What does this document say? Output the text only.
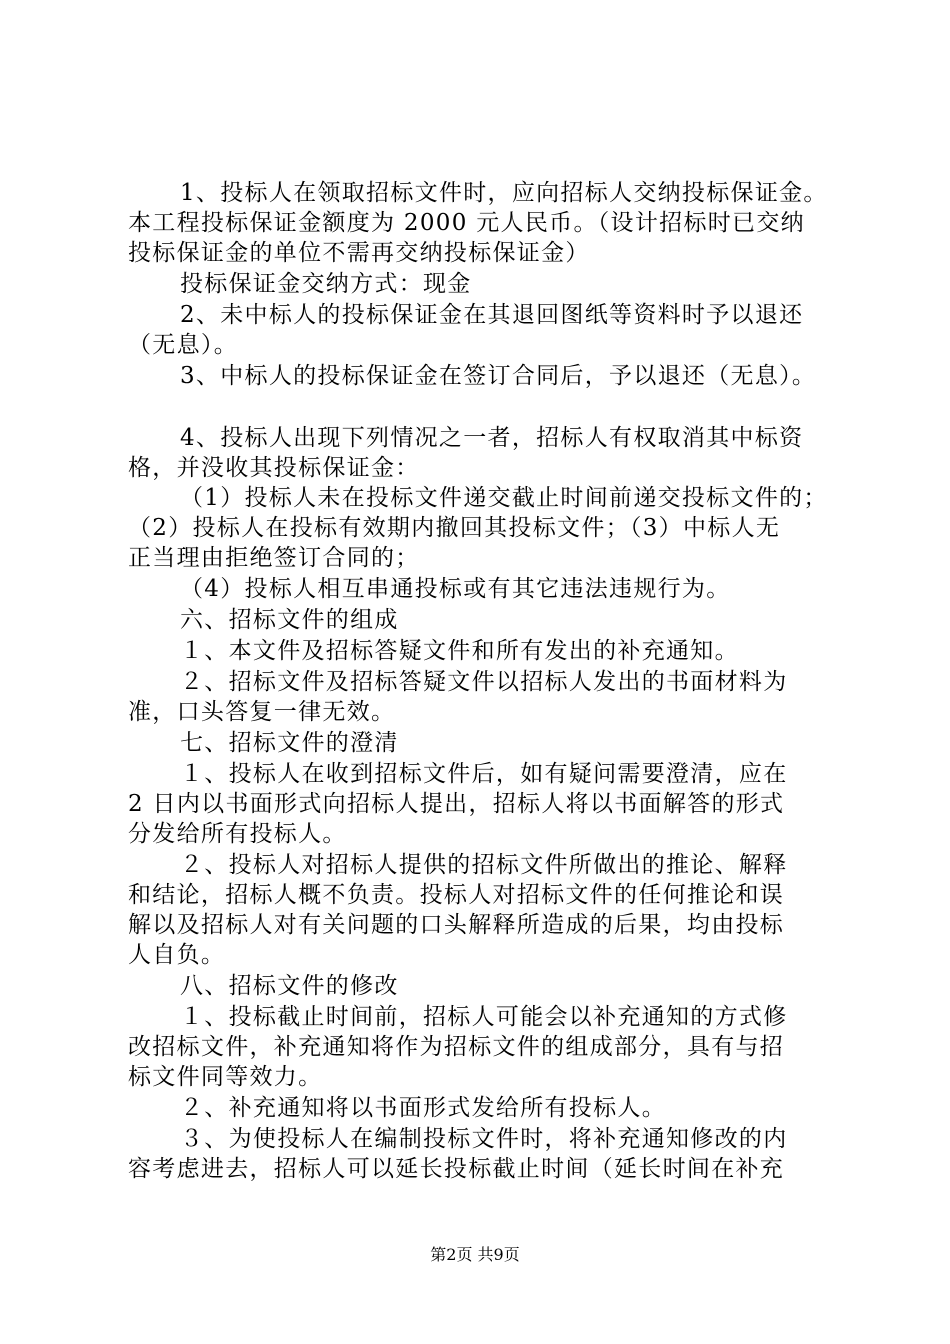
1、投标人在领取招标文件时，应向招标人交纳投标保证金。
本工程投标保证金额度为 2000 元人民币。（设计招标时已交纳
投标保证金的单位不需再交纳投标保证金）
投标保证金交纳方式：现金
2、未中标人的投标保证金在其退回图纸等资料时予以退还
（无息）。
3、中标人的投标保证金在签订合同后，予以退还（无息）。
4、投标人出现下列情况之一者，招标人有权取消其中标资
格，并没收其投标保证金：
（1）投标人未在投标文件递交截止时间前递交投标文件的；
（2）投标人在投标有效期内撤回其投标文件；（3）中标人无
正当理由拒绝签订合同的；
（4）投标人相互串通投标或有其它违法违规行为。
六、招标文件的组成
１、本文件及招标答疑文件和所有发出的补充通知。
２、招标文件及招标答疑文件以招标人发出的书面材料为
准，口头答复一律无效。
七、招标文件的澄清
１、投标人在收到招标文件后，如有疑问需要澄清，应在
2 日内以书面形式向招标人提出，招标人将以书面解答的形式
分发给所有投标人。
２、投标人对招标人提供的招标文件所做出的推论、解释
和结论，招标人概不负责。投标人对招标文件的任何推论和误
解以及招标人对有关问题的口头解释所造成的后果，均由投标
人自负。
八、招标文件的修改
１、投标截止时间前，招标人可能会以补充通知的方式修
改招标文件，补充通知将作为招标文件的组成部分，具有与招
标文件同等效力。
２、补充通知将以书面形式发给所有投标人。
３、为使投标人在编制投标文件时，将补充通知修改的内
容考虑进去，招标人可以延长投标截止时间（延长时间在补充
第2页 共9页
